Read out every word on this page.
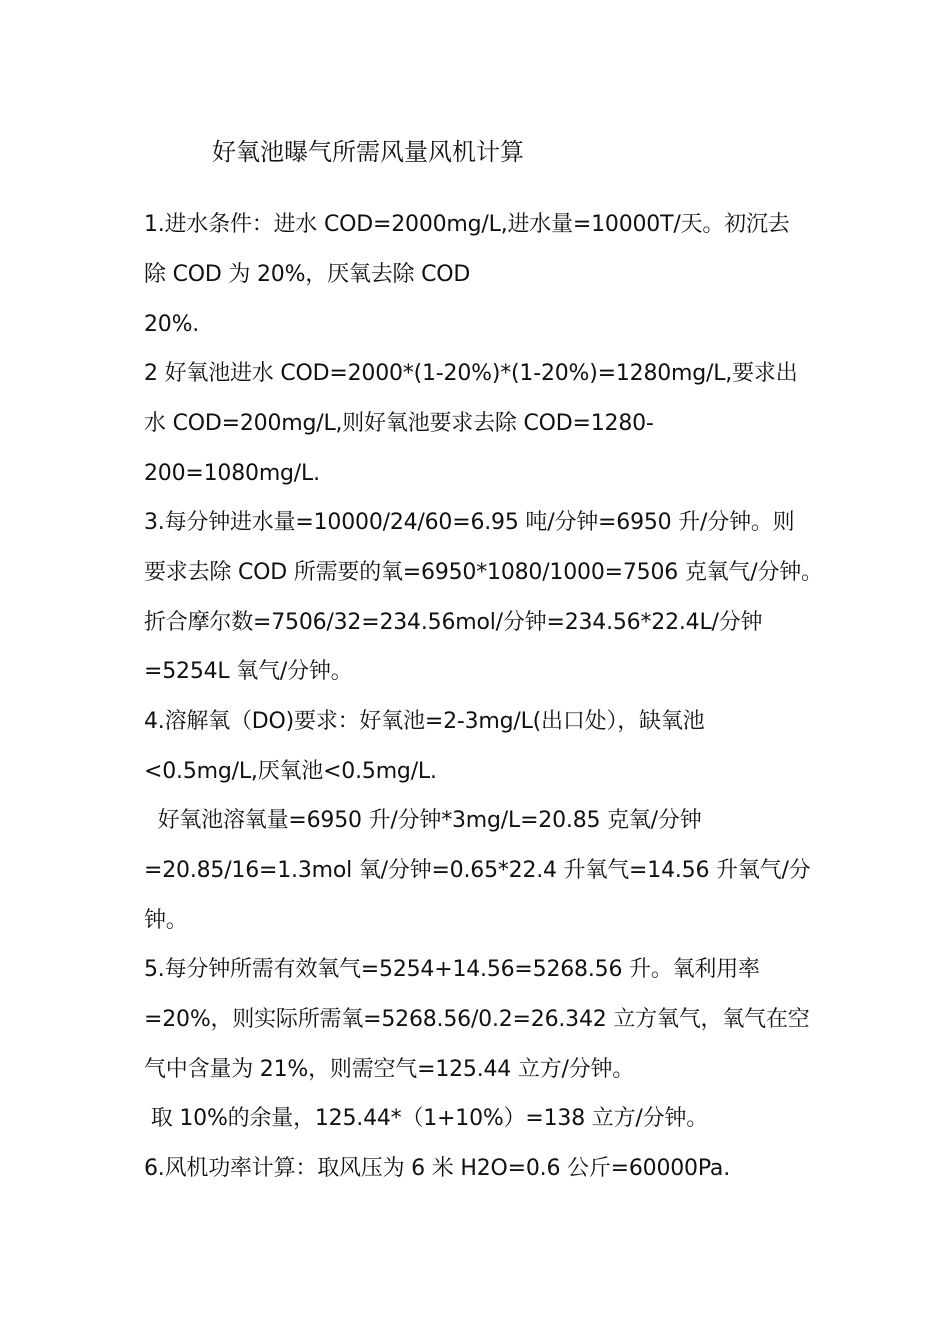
好氧池曝气所需风量风机计算
1.进水条件：进水 COD=2000mg/L,进水量=10000T/天。初沉去
除 COD 为 20%，厌氧去除 COD
20%.
2 好氧池进水 COD=2000*(1-20%)*(1-20%)=1280mg/L,要求出
水 COD=200mg/L,则好氧池要求去除 COD=1280-
200=1080mg/L.
3.每分钟进水量=10000/24/60=6.95 吨/分钟=6950 升/分钟。则
要求去除 COD 所需要的氧=6950*1080/1000=7506 克氧气/分钟。
折合摩尔数=7506/32=234.56mol/分钟=234.56*22.4L/分钟
=5254L 氧气/分钟。
4.溶解氧（DO)要求：好氧池=2-3mg/L(出口处），缺氧池
<0.5mg/L,厌氧池<0.5mg/L.
好氧池溶氧量=6950 升/分钟*3mg/L=20.85 克氧/分钟
=20.85/16=1.3mol 氧/分钟=0.65*22.4 升氧气=14.56 升氧气/分
钟。
5.每分钟所需有效氧气=5254+14.56=5268.56 升。氧利用率
=20%，则实际所需氧=5268.56/0.2=26.342 立方氧气，氧气在空
气中含量为 21%，则需空气=125.44 立方/分钟。
取 10%的余量，125.44*（1+10%）=138 立方/分钟。
6.风机功率计算：取风压为 6 米 H2O=0.6 公斤=60000Pa.
